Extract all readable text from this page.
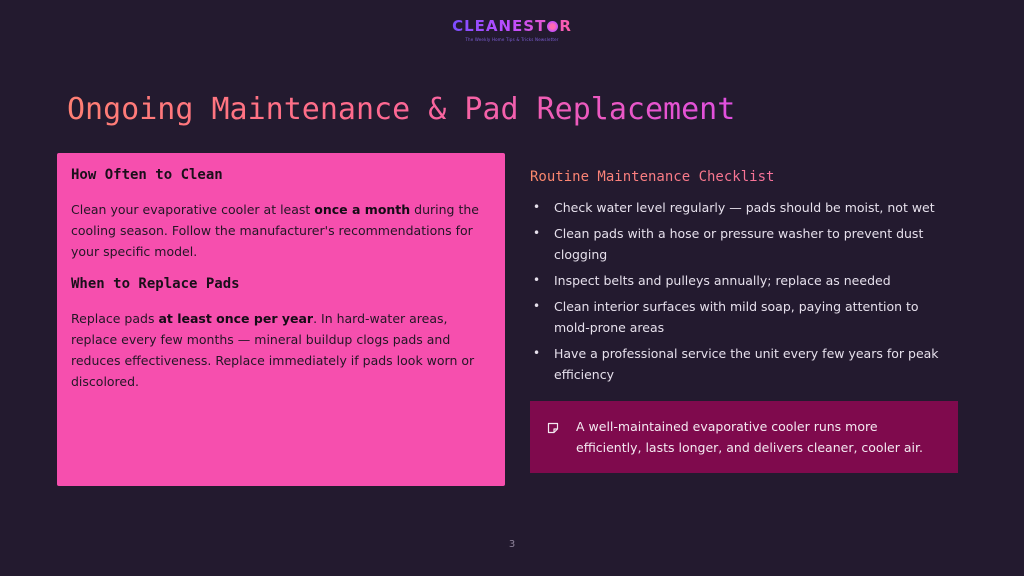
CLEANEST R
The Weekly Home Tips & Tricks Newsletter
Ongoing Maintenance & Pad Replacement
How Often to Clean

Clean your evaporative cooler at least once a month during the cooling season. Follow the manufacturer's recommendations for your specific model.

When to Replace Pads

Replace pads at least once per year. In hard-water areas, replace every few months — mineral buildup clogs pads and reduces effectiveness. Replace immediately if pads look worn or discolored.

Routine Maintenance Checklist
• Check water level regularly — pads should be moist, not wet
• Clean pads with a hose or pressure washer to prevent dust clogging
• Inspect belts and pulleys annually; replace as needed
• Clean interior surfaces with mild soap, paying attention to mold-prone areas
• Have a professional service the unit every few years for peak efficiency
A well-maintained evaporative cooler runs more efficiently, lasts longer, and delivers cleaner, cooler air.
3
